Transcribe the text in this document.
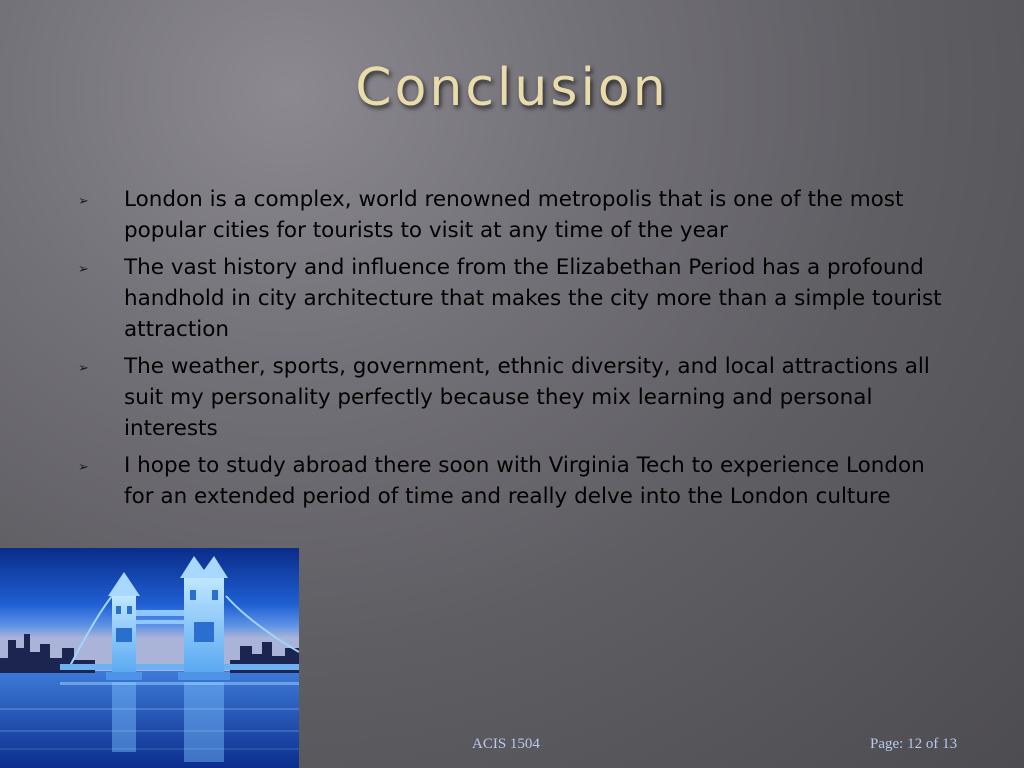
Conclusion
➢ London is a complex, world renowned metropolis that is one of the most popular cities for tourists to visit at any time of the year
➢ The vast history and influence from the Elizabethan Period has a profound handhold in city architecture that makes the city more than a simple tourist attraction
➢ The weather, sports, government, ethnic diversity, and local attractions all suit my personality perfectly because they mix learning and personal interests
➢ I hope to study abroad there soon with Virginia Tech to experience London for an extended period of time and really delve into the London culture
ACIS 1504	Page: 12 of 13
